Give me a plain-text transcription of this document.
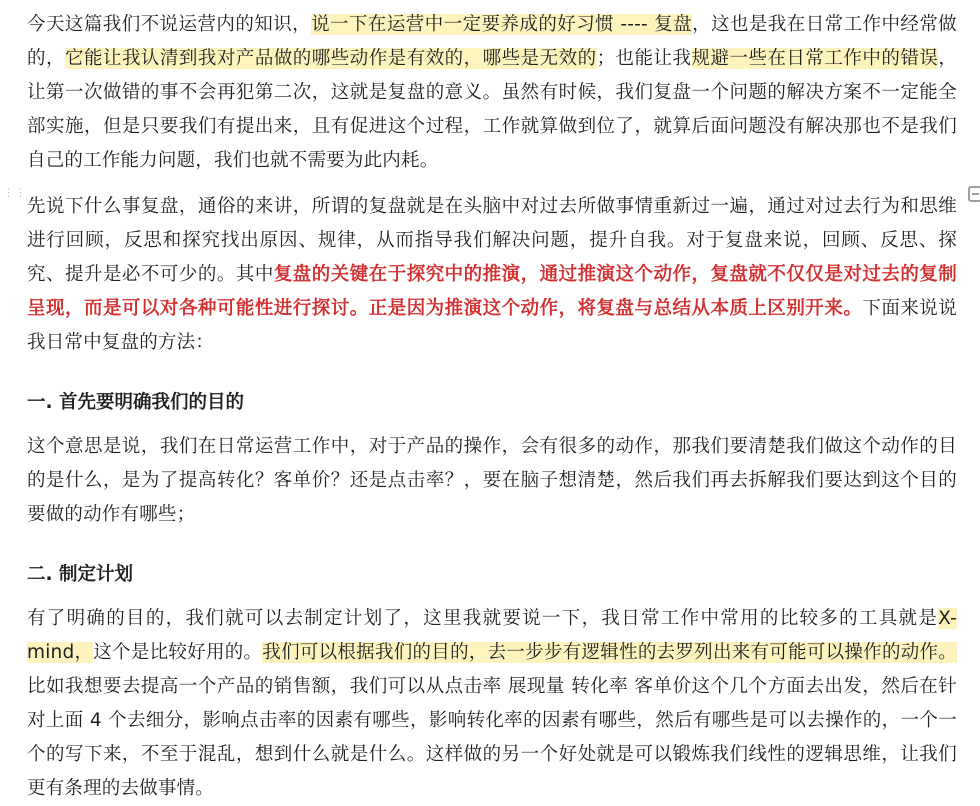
⋮⋮

今天这篇我们不说运营内的知识，说一下在运营中一定要养成的好习惯 ---- 复盘，这也是我在日常工作中经常做的，它能让我认清到我对产品做的哪些动作是有效的，哪些是无效的；也能让我规避一些在日常工作中的错误，让第一次做错的事不会再犯第二次，这就是复盘的意义。虽然有时候，我们复盘一个问题的解决方案不一定能全部实施，但是只要我们有提出来，且有促进这个过程，工作就算做到位了，就算后面问题没有解决那也不是我们自己的工作能力问题，我们也就不需要为此内耗。

先说下什么事复盘，通俗的来讲，所谓的复盘就是在头脑中对过去所做事情重新过一遍，通过对过去行为和思维进行回顾，反思和探究找出原因、规律，从而指导我们解决问题，提升自我。对于复盘来说，回顾、反思、探究、提升是必不可少的。其中复盘的关键在于探究中的推演，通过推演这个动作，复盘就不仅仅是对过去的复制呈现，而是可以对各种可能性进行探讨。正是因为推演这个动作，将复盘与总结从本质上区别开来。下面来说说我日常中复盘的方法：

一. 首先要明确我们的目的

这个意思是说，我们在日常运营工作中，对于产品的操作，会有很多的动作，那我们要清楚我们做这个动作的目的是什么，是为了提高转化？客单价？还是点击率？，要在脑子想清楚，然后我们再去拆解我们要达到这个目的要做的动作有哪些；

二. 制定计划

有了明确的目的，我们就可以去制定计划了，这里我就要说一下，我日常工作中常用的比较多的工具就是X-mind，这个是比较好用的。我们可以根据我们的目的，去一步步有逻辑性的去罗列出来有可能可以操作的动作。比如我想要去提高一个产品的销售额，我们可以从点击率 展现量 转化率 客单价这个几个方面去出发，然后在针对上面 4 个去细分，影响点击率的因素有哪些，影响转化率的因素有哪些，然后有哪些是可以去操作的，一个一个的写下来，不至于混乱，想到什么就是什么。这样做的另一个好处就是可以锻炼我们线性的逻辑思维，让我们更有条理的去做事情。
